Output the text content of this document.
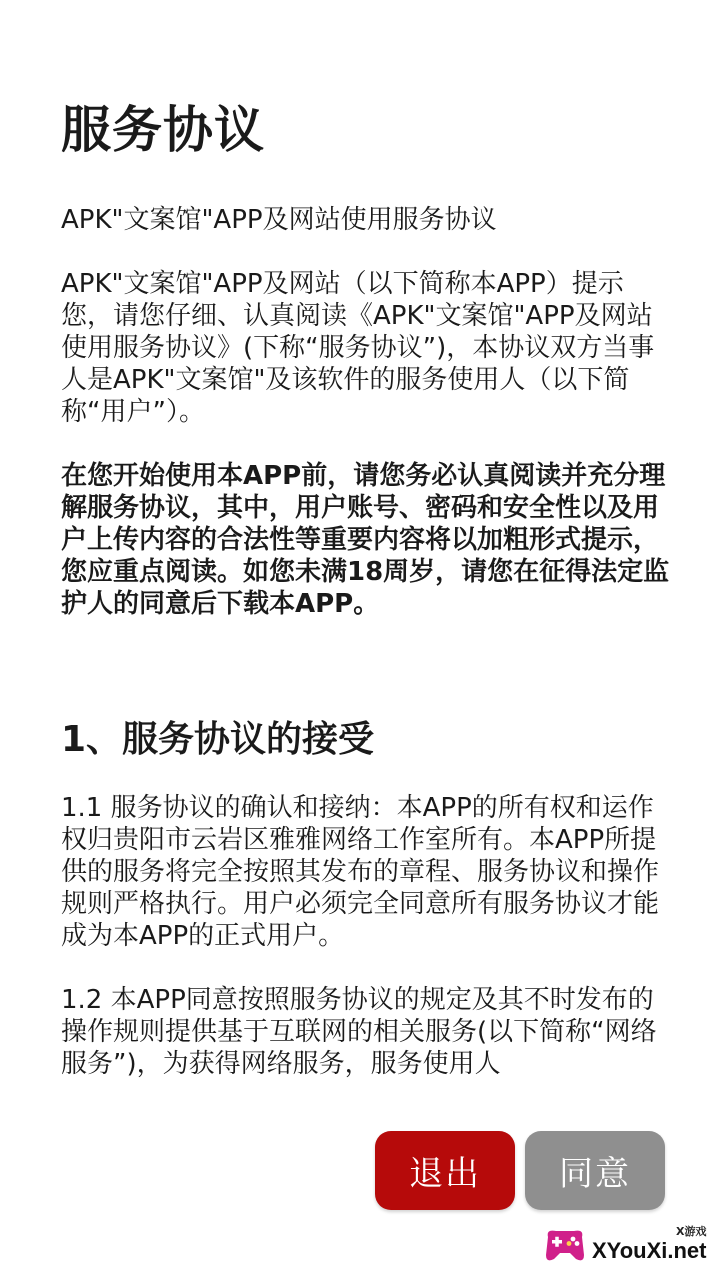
服务协议

APK"文案馆"APP及网站使用服务协议

APK"文案馆"APP及网站（以下简称本APP）提示您，请您仔细、认真阅读《APK"文案馆"APP及网站使用服务协议》(下称“服务协议”)，本协议双方当事人是APK"文案馆"及该软件的服务使用人（以下简称“用户”）。

在您开始使用本APP前，请您务必认真阅读并充分理解服务协议，其中，用户账号、密码和安全性以及用户上传内容的合法性等重要内容将以加粗形式提示，您应重点阅读。如您未满18周岁，请您在征得法定监护人的同意后下载本APP。

1、服务协议的接受

1.1 服务协议的确认和接纳：本APP的所有权和运作权归贵阳市云岩区雅雅网络工作室所有。本APP所提供的服务将完全按照其发布的章程、服务协议和操作规则严格执行。用户必须完全同意所有服务协议才能成为本APP的正式用户。

1.2 本APP同意按照服务协议的规定及其不时发布的操作规则提供基于互联网的相关服务(以下简称“网络服务”)，为获得网络服务，服务使用人

退出	同意
X游戏
XYouXi.net
